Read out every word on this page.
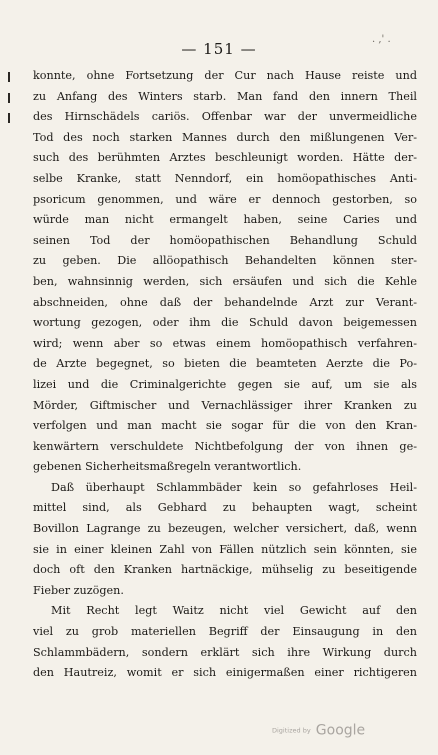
— 151 —
. ,' .
konnte, ohne Fortsetzung der Cur nach Hause reiste und
zu Anfang des Winters starb. Man fand den innern Theil
des Hirnschädels cariös. Offenbar war der unvermeidliche
Tod des noch starken Mannes durch den mißlungenen Ver-
such des berühmten Arztes beschleunigt worden. Hätte der-
selbe Kranke, statt Nenndorf, ein homöopathisches Anti-
psoricum genommen, und wäre er dennoch gestorben, so
würde man nicht ermangelt haben, seine Caries und
seinen Tod der homöopathischen Behandlung Schuld
zu geben. Die allöopathisch Behandelten können ster-
ben, wahnsinnig werden, sich ersäufen und sich die Kehle
abschneiden, ohne daß der behandelnde Arzt zur Verant-
wortung gezogen, oder ihm die Schuld davon beigemessen
wird; wenn aber so etwas einem homöopathisch verfahren-
de Arzte begegnet, so bieten die beamteten Aerzte die Po-
lizei und die Criminalgerichte gegen sie auf, um sie als
Mörder, Giftmischer und Vernachlässiger ihrer Kranken zu
verfolgen und man macht sie sogar für die von den Kran-
kenwärtern verschuldete Nichtbefolgung der von ihnen ge-
gebenen Sicherheitsmaßregeln verantwortlich.
Daß überhaupt Schlammbäder kein so gefahrloses Heil-
mittel sind, als Gebhard zu behaupten wagt, scheint
Bovillon Lagrange zu bezeugen, welcher versichert, daß, wenn
sie in einer kleinen Zahl von Fällen nützlich sein könnten, sie
doch oft den Kranken hartnäckige, mühselig zu beseitigende
Fieber zuzögen.
Mit Recht legt Waitz nicht viel Gewicht auf den
viel zu grob materiellen Begriff der Einsaugung in den
Schlammbädern, sondern erklärt sich ihre Wirkung durch
den Hautreiz, womit er sich einigermaßen einer richtigeren
Digitized by Google
